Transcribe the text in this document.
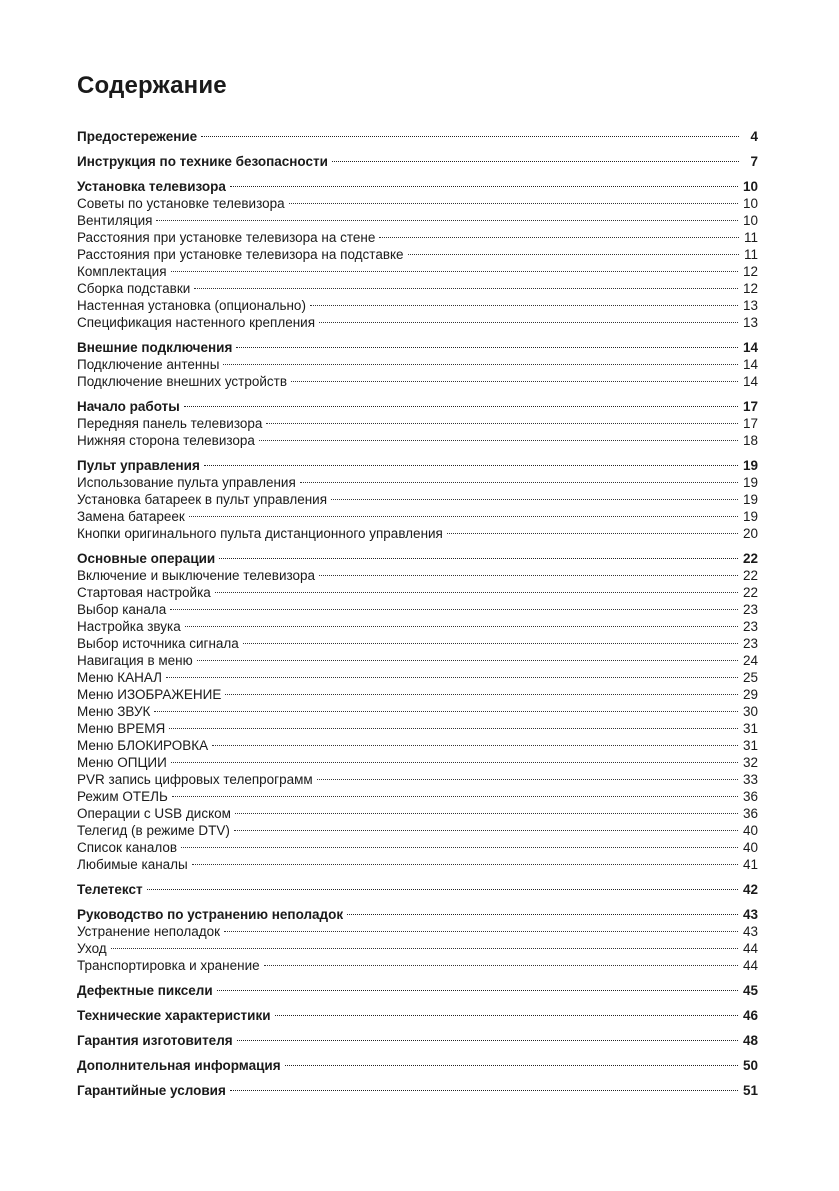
Содержание
Предостережение	4
Инструкция по технике безопасности	7
Установка телевизора	10
Советы по установке телевизора	10
Вентиляция	10
Расстояния при установке телевизора на стене	11
Расстояния при установке телевизора на подставке	11
Комплектация	12
Сборка подставки	12
Настенная установка (опционально)	13
Спецификация настенного крепления	13
Внешние подключения	14
Подключение антенны	14
Подключение внешних устройств	14
Начало работы	17
Передняя панель телевизора	17
Нижняя сторона телевизора	18
Пульт управления	19
Использование пульта управления	19
Установка батареек в пульт управления	19
Замена батареек	19
Кнопки оригинального пульта дистанционного управления	20
Основные операции	22
Включение и выключение телевизора	22
Стартовая настройка	22
Выбор канала	23
Настройка звука	23
Выбор источника сигнала	23
Навигация в меню	24
Меню КАНАЛ	25
Меню ИЗОБРАЖЕНИЕ	29
Меню ЗВУК	30
Меню ВРЕМЯ	31
Меню БЛОКИРОВКА	31
Меню ОПЦИИ	32
PVR запись цифровых телепрограмм	33
Режим ОТЕЛЬ	36
Операции с USB диском	36
Телегид (в режиме DTV)	40
Список каналов	40
Любимые каналы	41
Телетекст	42
Руководство по устранению неполадок	43
Устранение неполадок	43
Уход	44
Транспортировка и хранение	44
Дефектные пиксели	45
Технические характеристики	46
Гарантия изготовителя	48
Дополнительная информация	50
Гарантийные условия	51
